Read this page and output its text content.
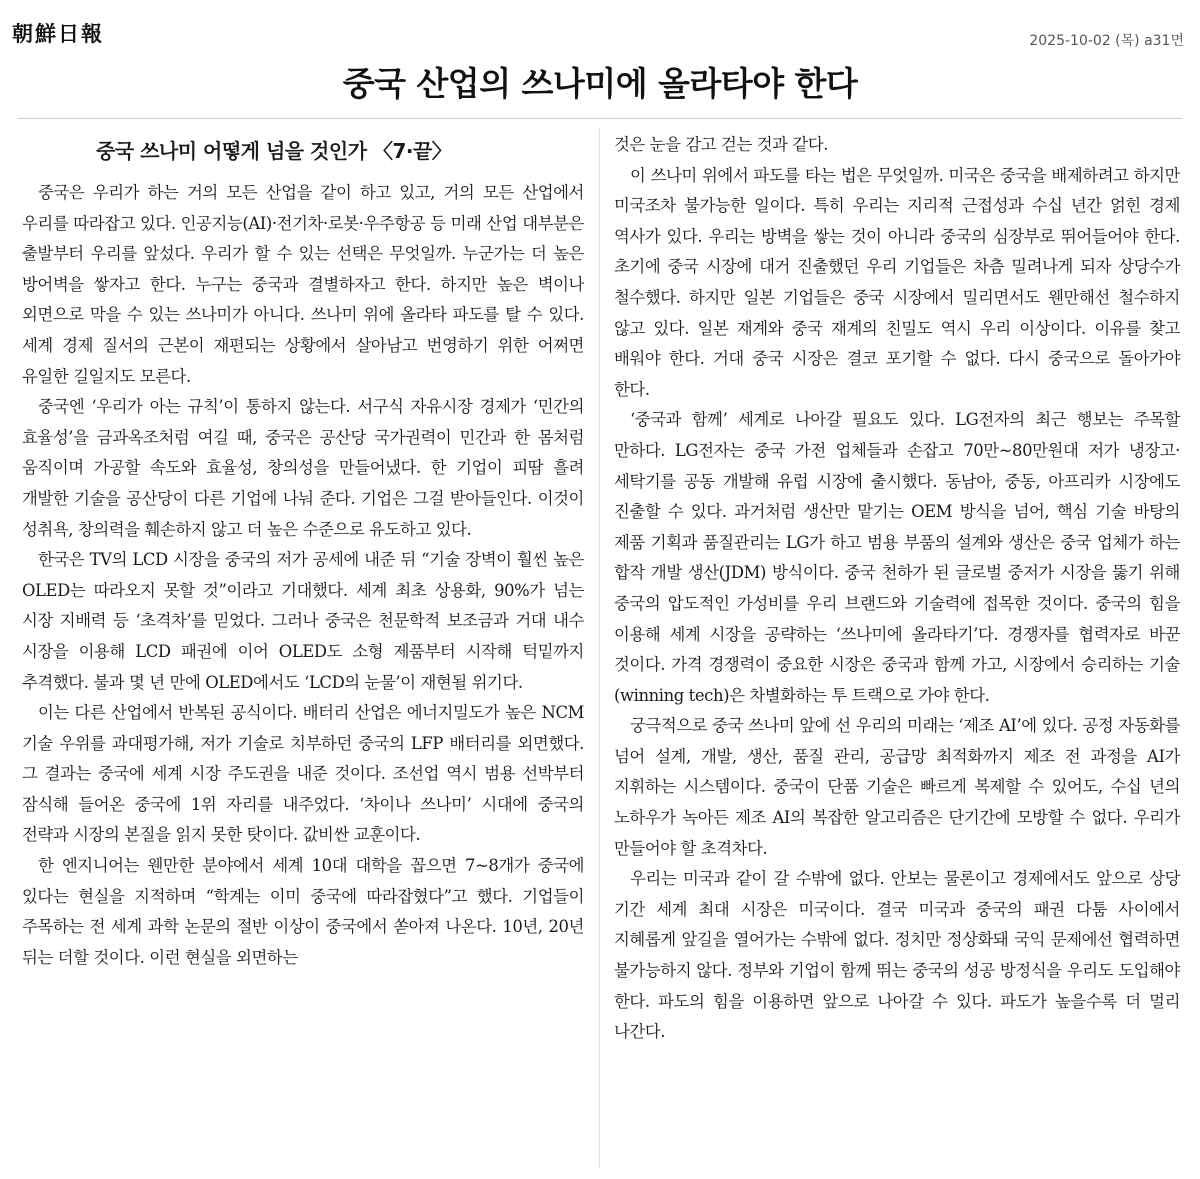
朝鮮日報	2025-10-02 (목) a31면
중국 산업의 쓰나미에 올라타야 한다
중국 쓰나미 어떻게 넘을 것인가 〈7·끝〉

중국은 우리가 하는 거의 모든 산업을 같이 하고 있고, 거의 모든 산업에서 우리를 따라잡고 있다. 인공지능(AI)·전기차·로봇·우주항공 등 미래 산업 대부분은 출발부터 우리를 앞섰다. 우리가 할 수 있는 선택은 무엇일까. 누군가는 더 높은 방어벽을 쌓자고 한다. 누구는 중국과 결별하자고 한다. 하지만 높은 벽이나 외면으로 막을 수 있는 쓰나미가 아니다. 쓰나미 위에 올라타 파도를 탈 수 있다. 세계 경제 질서의 근본이 재편되는 상황에서 살아남고 번영하기 위한 어쩌면 유일한 길일지도 모른다.

중국엔 ‘우리가 아는 규칙’이 통하지 않는다. 서구식 자유시장 경제가 ‘민간의 효율성’을 금과옥조처럼 여길 때, 중국은 공산당 국가권력이 민간과 한 몸처럼 움직이며 가공할 속도와 효율성, 창의성을 만들어냈다. 한 기업이 피땀 흘려 개발한 기술을 공산당이 다른 기업에 나눠 준다. 기업은 그걸 받아들인다. 이것이 성취욕, 창의력을 훼손하지 않고 더 높은 수준으로 유도하고 있다.

한국은 TV의 LCD 시장을 중국의 저가 공세에 내준 뒤 “기술 장벽이 훨씬 높은 OLED는 따라오지 못할 것”이라고 기대했다. 세계 최초 상용화, 90%가 넘는 시장 지배력 등 ‘초격차’를 믿었다. 그러나 중국은 천문학적 보조금과 거대 내수 시장을 이용해 LCD 패권에 이어 OLED도 소형 제품부터 시작해 턱밑까지 추격했다. 불과 몇 년 만에 OLED에서도 ‘LCD의 눈물’이 재현될 위기다.

이는 다른 산업에서 반복된 공식이다. 배터리 산업은 에너지밀도가 높은 NCM 기술 우위를 과대평가해, 저가 기술로 치부하던 중국의 LFP 배터리를 외면했다. 그 결과는 중국에 세계 시장 주도권을 내준 것이다. 조선업 역시 범용 선박부터 잠식해 들어온 중국에 1위 자리를 내주었다. ‘차이나 쓰나미’ 시대에 중국의 전략과 시장의 본질을 읽지 못한 탓이다. 값비싼 교훈이다.

한 엔지니어는 웬만한 분야에서 세계 10대 대학을 꼽으면 7~8개가 중국에 있다는 현실을 지적하며 “학계는 이미 중국에 따라잡혔다”고 했다. 기업들이 주목하는 전 세계 과학 논문의 절반 이상이 중국에서 쏟아져 나온다. 10년, 20년 뒤는 더할 것이다. 이런 현실을 외면하는

것은 눈을 감고 걷는 것과 같다.

이 쓰나미 위에서 파도를 타는 법은 무엇일까. 미국은 중국을 배제하려고 하지만 미국조차 불가능한 일이다. 특히 우리는 지리적 근접성과 수십 년간 얽힌 경제 역사가 있다. 우리는 방벽을 쌓는 것이 아니라 중국의 심장부로 뛰어들어야 한다. 초기에 중국 시장에 대거 진출했던 우리 기업들은 차츰 밀려나게 되자 상당수가 철수했다. 하지만 일본 기업들은 중국 시장에서 밀리면서도 웬만해선 철수하지 않고 있다. 일본 재계와 중국 재계의 친밀도 역시 우리 이상이다. 이유를 찾고 배워야 한다. 거대 중국 시장은 결코 포기할 수 없다. 다시 중국으로 돌아가야 한다.

‘중국과 함께’ 세계로 나아갈 필요도 있다. LG전자의 최근 행보는 주목할 만하다. LG전자는 중국 가전 업체들과 손잡고 70만~80만원대 저가 냉장고·세탁기를 공동 개발해 유럽 시장에 출시했다. 동남아, 중동, 아프리카 시장에도 진출할 수 있다. 과거처럼 생산만 맡기는 OEM 방식을 넘어, 핵심 기술 바탕의 제품 기획과 품질관리는 LG가 하고 범용 부품의 설계와 생산은 중국 업체가 하는 합작 개발 생산(JDM) 방식이다. 중국 천하가 된 글로벌 중저가 시장을 뚫기 위해 중국의 압도적인 가성비를 우리 브랜드와 기술력에 접목한 것이다. 중국의 힘을 이용해 세계 시장을 공략하는 ‘쓰나미에 올라타기’다. 경쟁자를 협력자로 바꾼 것이다. 가격 경쟁력이 중요한 시장은 중국과 함께 가고, 시장에서 승리하는 기술(winning tech)은 차별화하는 투 트랙으로 가야 한다.

궁극적으로 중국 쓰나미 앞에 선 우리의 미래는 ‘제조 AI’에 있다. 공정 자동화를 넘어 설계, 개발, 생산, 품질 관리, 공급망 최적화까지 제조 전 과정을 AI가 지휘하는 시스템이다. 중국이 단품 기술은 빠르게 복제할 수 있어도, 수십 년의 노하우가 녹아든 제조 AI의 복잡한 알고리즘은 단기간에 모방할 수 없다. 우리가 만들어야 할 초격차다.

우리는 미국과 같이 갈 수밖에 없다. 안보는 물론이고 경제에서도 앞으로 상당 기간 세계 최대 시장은 미국이다. 결국 미국과 중국의 패권 다툼 사이에서 지혜롭게 앞길을 열어가는 수밖에 없다. 정치만 정상화돼 국익 문제에선 협력하면 불가능하지 않다. 정부와 기업이 함께 뛰는 중국의 성공 방정식을 우리도 도입해야 한다. 파도의 힘을 이용하면 앞으로 나아갈 수 있다. 파도가 높을수록 더 멀리 나간다.
